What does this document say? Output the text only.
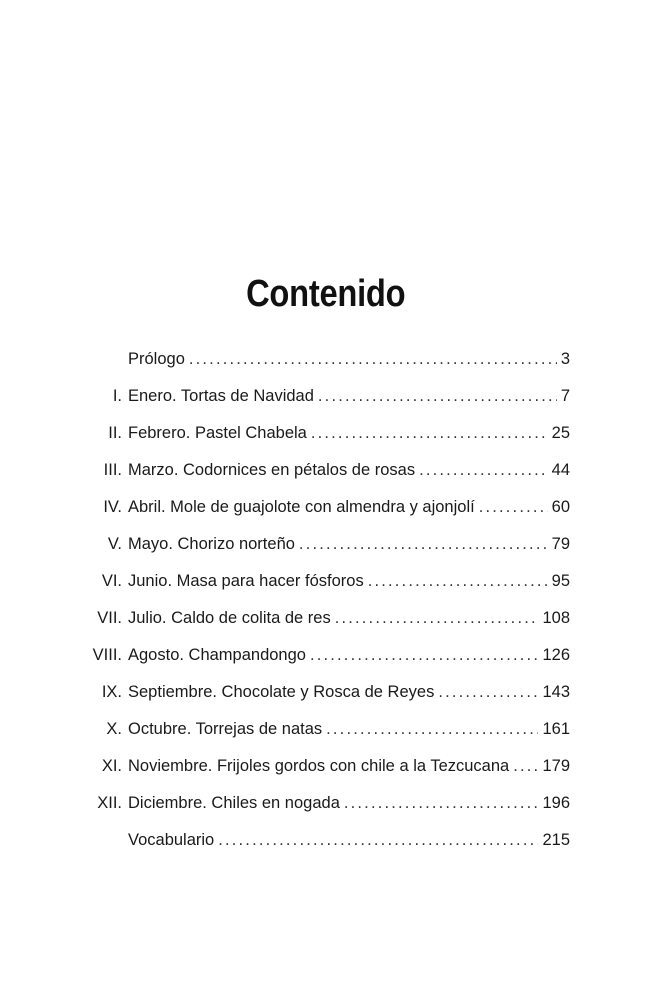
Contenido
Prólogo . . .	3
I. Enero. Tortas de Navidad . . .	7
II. Febrero. Pastel Chabela . . .	25
III. Marzo. Codornices en pétalos de rosas . . .	44
IV. Abril. Mole de guajolote con almendra y ajonjolí . . .	60
V. Mayo. Chorizo norteño . . .	79
VI. Junio. Masa para hacer fósforos . . .	95
VII. Julio. Caldo de colita de res . . .	108
VIII. Agosto. Champandongo . . .	126
IX. Septiembre. Chocolate y Rosca de Reyes . . .	143
X. Octubre. Torrejas de natas . . .	161
XI. Noviembre. Frijoles gordos con chile a la Tezcucana . . . 179
XII. Diciembre. Chiles en nogada . . .	196
Vocabulario . . .	215
